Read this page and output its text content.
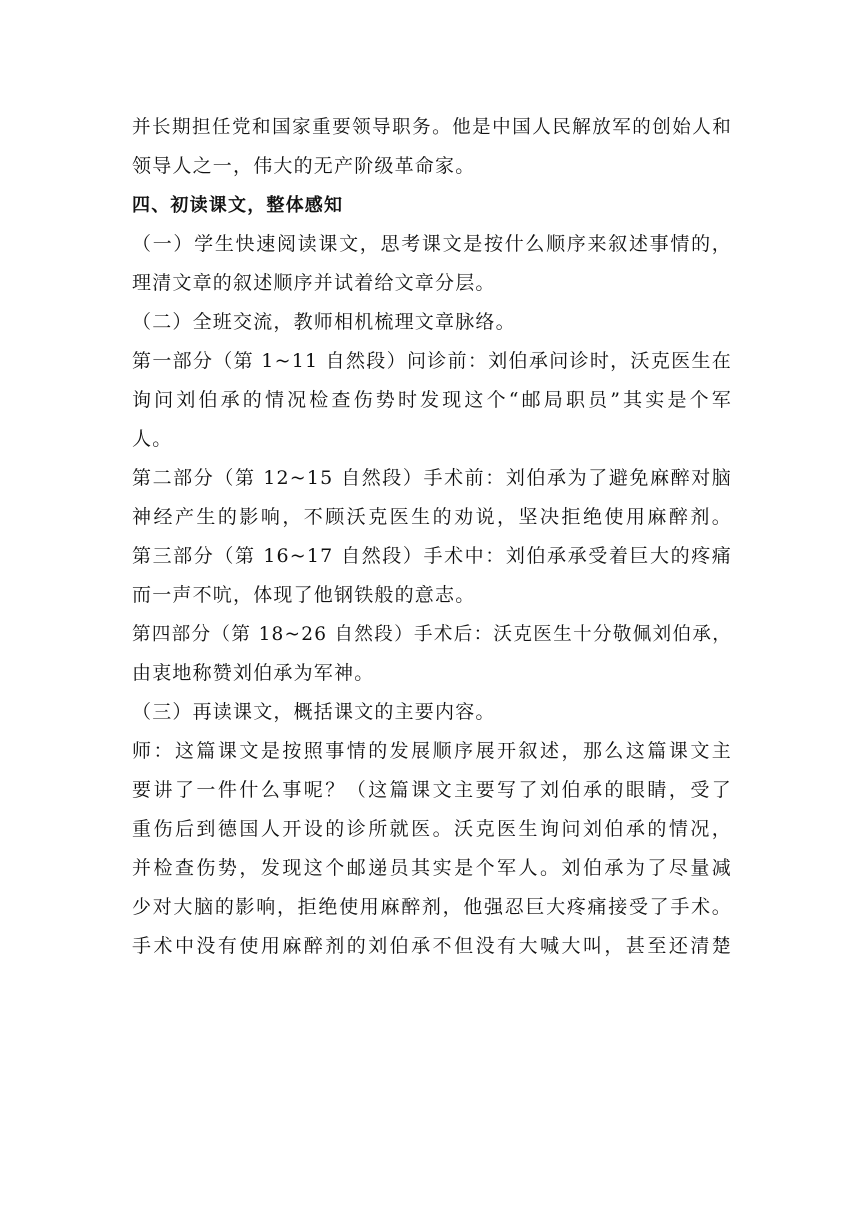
并长期担任党和国家重要领导职务。他是中国人民解放军的创始人和
领导人之一，伟大的无产阶级革命家。
四、初读课文，整体感知
（一）学生快速阅读课文，思考课文是按什么顺序来叙述事情的，
理清文章的叙述顺序并试着给文章分层。
（二）全班交流，教师相机梳理文章脉络。
第一部分（第 1~11 自然段）问诊前：刘伯承问诊时，沃克医生在
询问刘伯承的情况检查伤势时发现这个“邮局职员”其实是个军
人。
第二部分（第 12~15 自然段）手术前：刘伯承为了避免麻醉对脑
神经产生的影响，不顾沃克医生的劝说，坚决拒绝使用麻醉剂。
第三部分（第 16~17 自然段）手术中：刘伯承承受着巨大的疼痛
而一声不吭，体现了他钢铁般的意志。
第四部分（第 18~26 自然段）手术后：沃克医生十分敬佩刘伯承，
由衷地称赞刘伯承为军神。
（三）再读课文，概括课文的主要内容。
师：这篇课文是按照事情的发展顺序展开叙述，那么这篇课文主
要讲了一件什么事呢？（这篇课文主要写了刘伯承的眼睛，受了
重伤后到德国人开设的诊所就医。沃克医生询问刘伯承的情况，
并检查伤势，发现这个邮递员其实是个军人。刘伯承为了尽量减
少对大脑的影响，拒绝使用麻醉剂，他强忍巨大疼痛接受了手术。
手术中没有使用麻醉剂的刘伯承不但没有大喊大叫，甚至还清楚
